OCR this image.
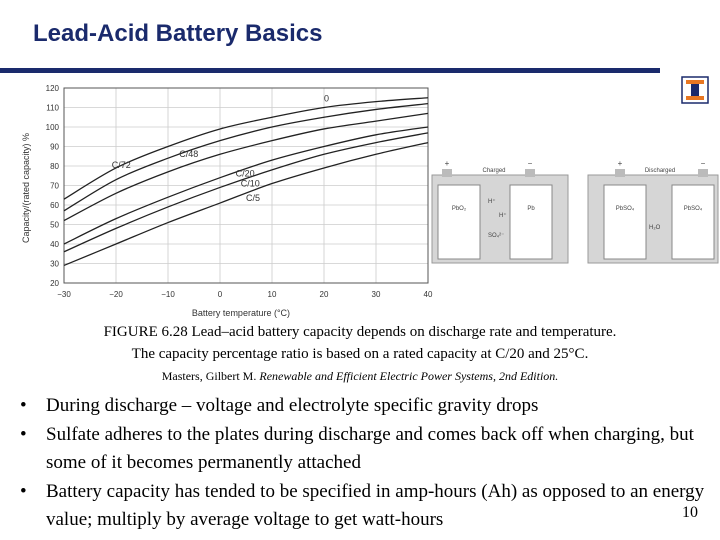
Lead-Acid Battery Basics
20
30
40
50
60
70
80
90
100
110
120
−30	−20	−10	0	10	20	30	40
0
C/72
C/48
C/20
C/10
C/5
Battery temperature (°C)
Capacity/(rated capacity) %	+	−
Charged
PbO₂	Pb
H⁺
H⁺
SO₄²⁻
+	−
Discharged
PbSO₄	PbSO₄
H₂O
FIGURE 6.28 Lead–acid battery capacity depends on discharge rate and temperature.
The capacity percentage ratio is based on a rated capacity at C/20 and 25°C.
Masters, Gilbert M. Renewable and Efficient Electric Power Systems, 2nd Edition.
• During discharge – voltage and electrolyte specific gravity drops
• Sulfate adheres to the plates during discharge and comes back off when charging, but some of it becomes permanently attached
• Battery capacity has tended to be specified in amp-hours (Ah) as opposed to an energy value; multiply by average voltage to get watt-hours	10
